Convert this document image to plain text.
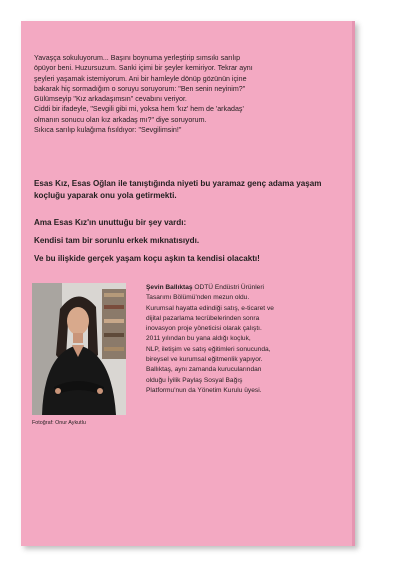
Yavaşça sokuluyorum... Başını boynuma yerleştirip sımsıkı sarılıp

öpüyor beni. Huzursuzum. Sanki içimi bir şeyler kemiriyor. Tekrar aynı

şeyleri yaşamak istemiyorum. Ani bir hamleyle dönüp gözünün içine

bakarak hiç sormadığım o soruyu soruyorum: "Ben senin neyinim?"

Gülümseyip "Kız arkadaşımsın" cevabını veriyor.

Ciddi bir ifadeyle, "Sevgili gibi mi, yoksa hem 'kız' hem de 'arkadaş'

olmanın sonucu olan kız arkadaş mı?" diye soruyorum.

Sıkıca sarılıp kulağıma fısıldıyor: "Sevgilimsin!"

Esas Kız, Esas Oğlan ile tanıştığında niyeti bu yaramaz genç adama yaşam koçluğu yaparak onu yola getirmekti.
Ama Esas Kız'ın unuttuğu bir şey vardı:
Kendisi tam bir sorunlu erkek mıknatısıydı.
Ve bu ilişkide gerçek yaşam koçu aşkın ta kendisi olacaktı!
Fotoğraf: Onur Aykutlu
Şevin Ballıktaş ODTÜ Endüstri Ürünleri
Tasarımı Bölümü'nden mezun oldu.
Kurumsal hayatta edindiği satış, e-ticaret ve
dijital pazarlama tecrübelerinden sonra
inovasyon proje yöneticisi olarak çalıştı.
2011 yılından bu yana aldığı koçluk,
NLP, iletişim ve satış eğitimleri sonucunda,
bireysel ve kurumsal eğitmenlik yapıyor.
Ballıktaş, aynı zamanda kurucularından
olduğu İyilik Paylaş Sosyal Bağış
Platformu'nun da Yönetim Kurulu üyesi.
